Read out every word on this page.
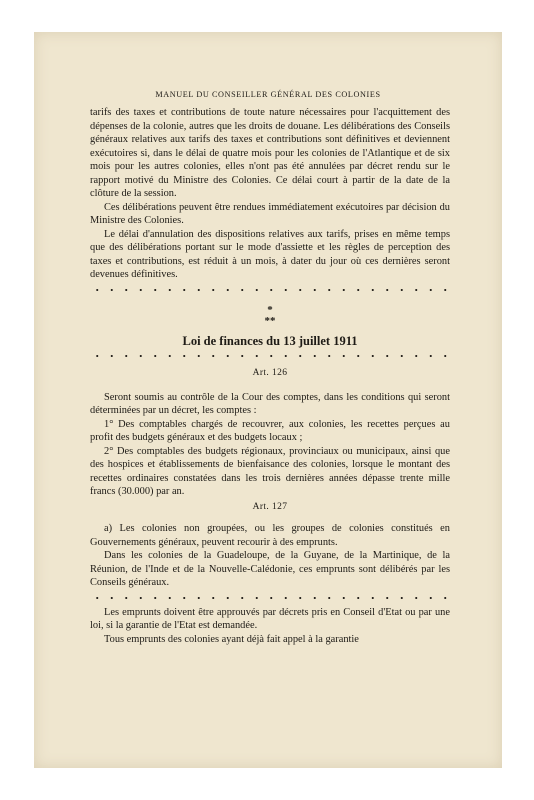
MANUEL DU CONSEILLER GÉNÉRAL DES COLONIES

tarifs des taxes et contributions de toute nature nécessaires pour l'acquittement des dépenses de la colonie, autres que les droits de douane. Les délibérations des Conseils généraux relatives aux tarifs des taxes et contributions sont définitives et deviennent exécutoires si, dans le délai de quatre mois pour les colonies de l'Atlantique et de six mois pour les autres colonies, elles n'ont pas été annulées par décret rendu sur le rapport motivé du Ministre des Colonies. Ce délai court à partir de la date de la clôture de la session.

Ces délibérations peuvent être rendues immédiatement exécutoires par décision du Ministre des Colonies.

Le délai d'annulation des dispositions relatives aux tarifs, prises en même temps que des délibérations portant sur le mode d'assiette et les règles de perception des taxes et contributions, est réduit à un mois, à dater du jour où ces dernières seront devenues définitives.

*
**
Loi de finances du 13 juillet 1911
Art. 126

Seront soumis au contrôle de la Cour des comptes, dans les conditions qui seront déterminées par un décret, les comptes :

1° Des comptables chargés de recouvrer, aux colonies, les recettes perçues au profit des budgets généraux et des budgets locaux ;

2° Des comptables des budgets régionaux, provinciaux ou municipaux, ainsi que des hospices et établissements de bienfaisance des colonies, lorsque le montant des recettes ordinaires constatées dans les trois dernières années dépasse trente mille francs (30.000) par an.

Art. 127

a) Les colonies non groupées, ou les groupes de colonies constitués en Gouvernements généraux, peuvent recourir à des emprunts.

Dans les colonies de la Guadeloupe, de la Guyane, de la Martinique, de la Réunion, de l'Inde et de la Nouvelle-Calédonie, ces emprunts sont délibérés par les Conseils généraux.

Les emprunts doivent être approuvés par décrets pris en Conseil d'Etat ou par une loi, si la garantie de l'Etat est demandée.

Tous emprunts des colonies ayant déjà fait appel à la garantie
